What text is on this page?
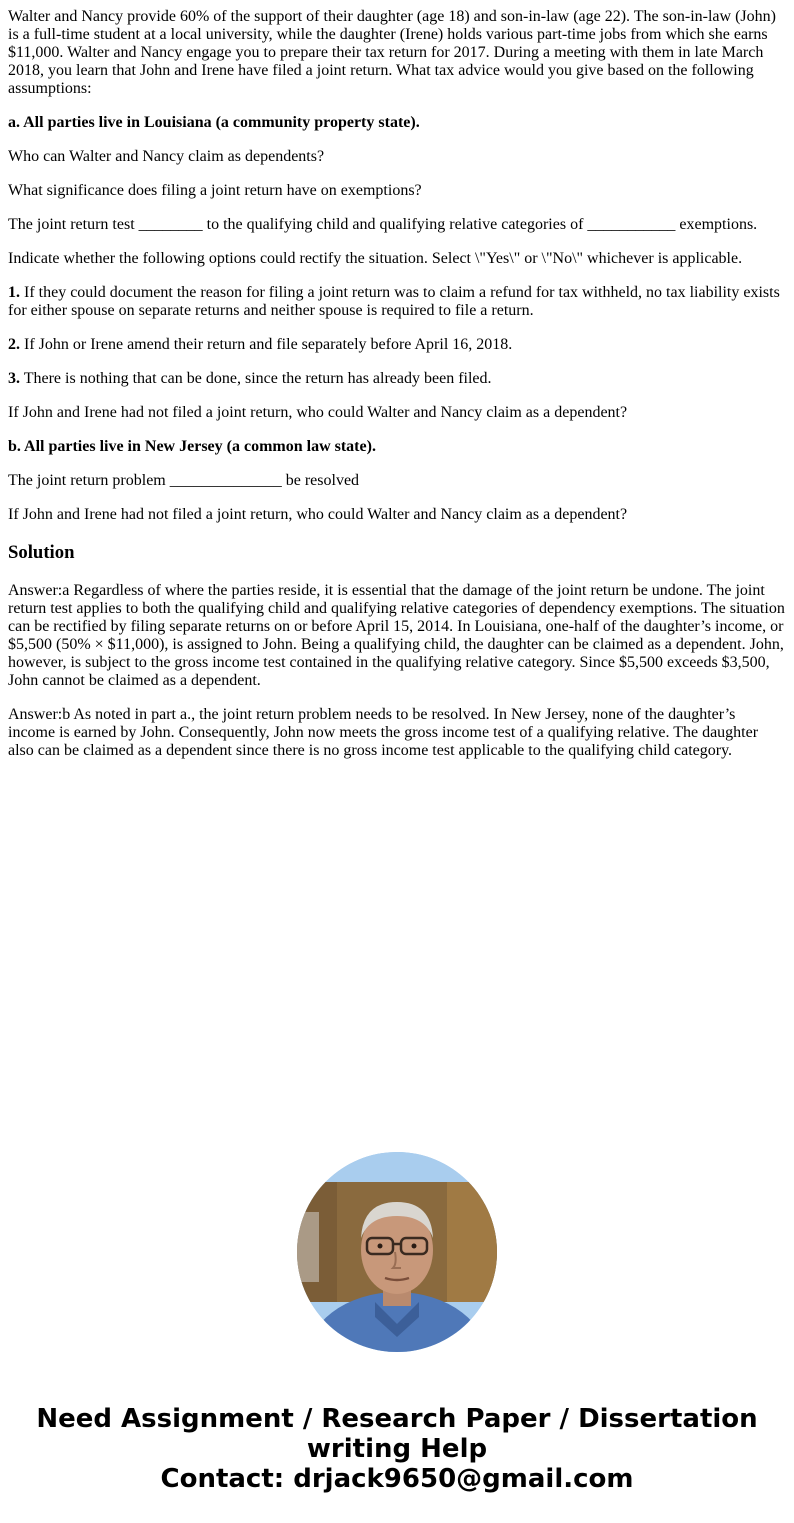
Walter and Nancy provide 60% of the support of their daughter (age 18) and son-in-law (age 22). The son-in-law (John) is a full-time student at a local university, while the daughter (Irene) holds various part-time jobs from which she earns $11,000. Walter and Nancy engage you to prepare their tax return for 2017. During a meeting with them in late March 2018, you learn that John and Irene have filed a joint return. What tax advice would you give based on the following assumptions:

a. All parties live in Louisiana (a community property state).

Who can Walter and Nancy claim as dependents?

What significance does filing a joint return have on exemptions?

The joint return test ________ to the qualifying child and qualifying relative categories of ___________ exemptions.

Indicate whether the following options could rectify the situation. Select \"Yes\" or \"No\" whichever is applicable.

1. If they could document the reason for filing a joint return was to claim a refund for tax withheld, no tax liability exists for either spouse on separate returns and neither spouse is required to file a return.

2. If John or Irene amend their return and file separately before April 16, 2018.

3. There is nothing that can be done, since the return has already been filed.

If John and Irene had not filed a joint return, who could Walter and Nancy claim as a dependent?

b. All parties live in New Jersey (a common law state).

The joint return problem ______________ be resolved

If John and Irene had not filed a joint return, who could Walter and Nancy claim as a dependent?

Solution

Answer:a Regardless of where the parties reside, it is essential that the damage of the joint return be undone. The joint return test applies to both the qualifying child and qualifying relative categories of dependency exemptions. The situation can be rectified by filing separate returns on or before April 15, 2014. In Louisiana, one-half of the daughter’s income, or $5,500 (50% × $11,000), is assigned to John. Being a qualifying child, the daughter can be claimed as a dependent. John, however, is subject to the gross income test contained in the qualifying relative category. Since $5,500 exceeds $3,500, John cannot be claimed as a dependent.

Answer:b As noted in part a., the joint return problem needs to be resolved. In New Jersey, none of the daughter’s income is earned by John. Consequently, John now meets the gross income test of a qualifying relative. The daughter also can be claimed as a dependent since there is no gross income test applicable to the qualifying child category.

Need Assignment / Research Paper / Dissertation
writing Help
Contact: drjack9650@gmail.com
